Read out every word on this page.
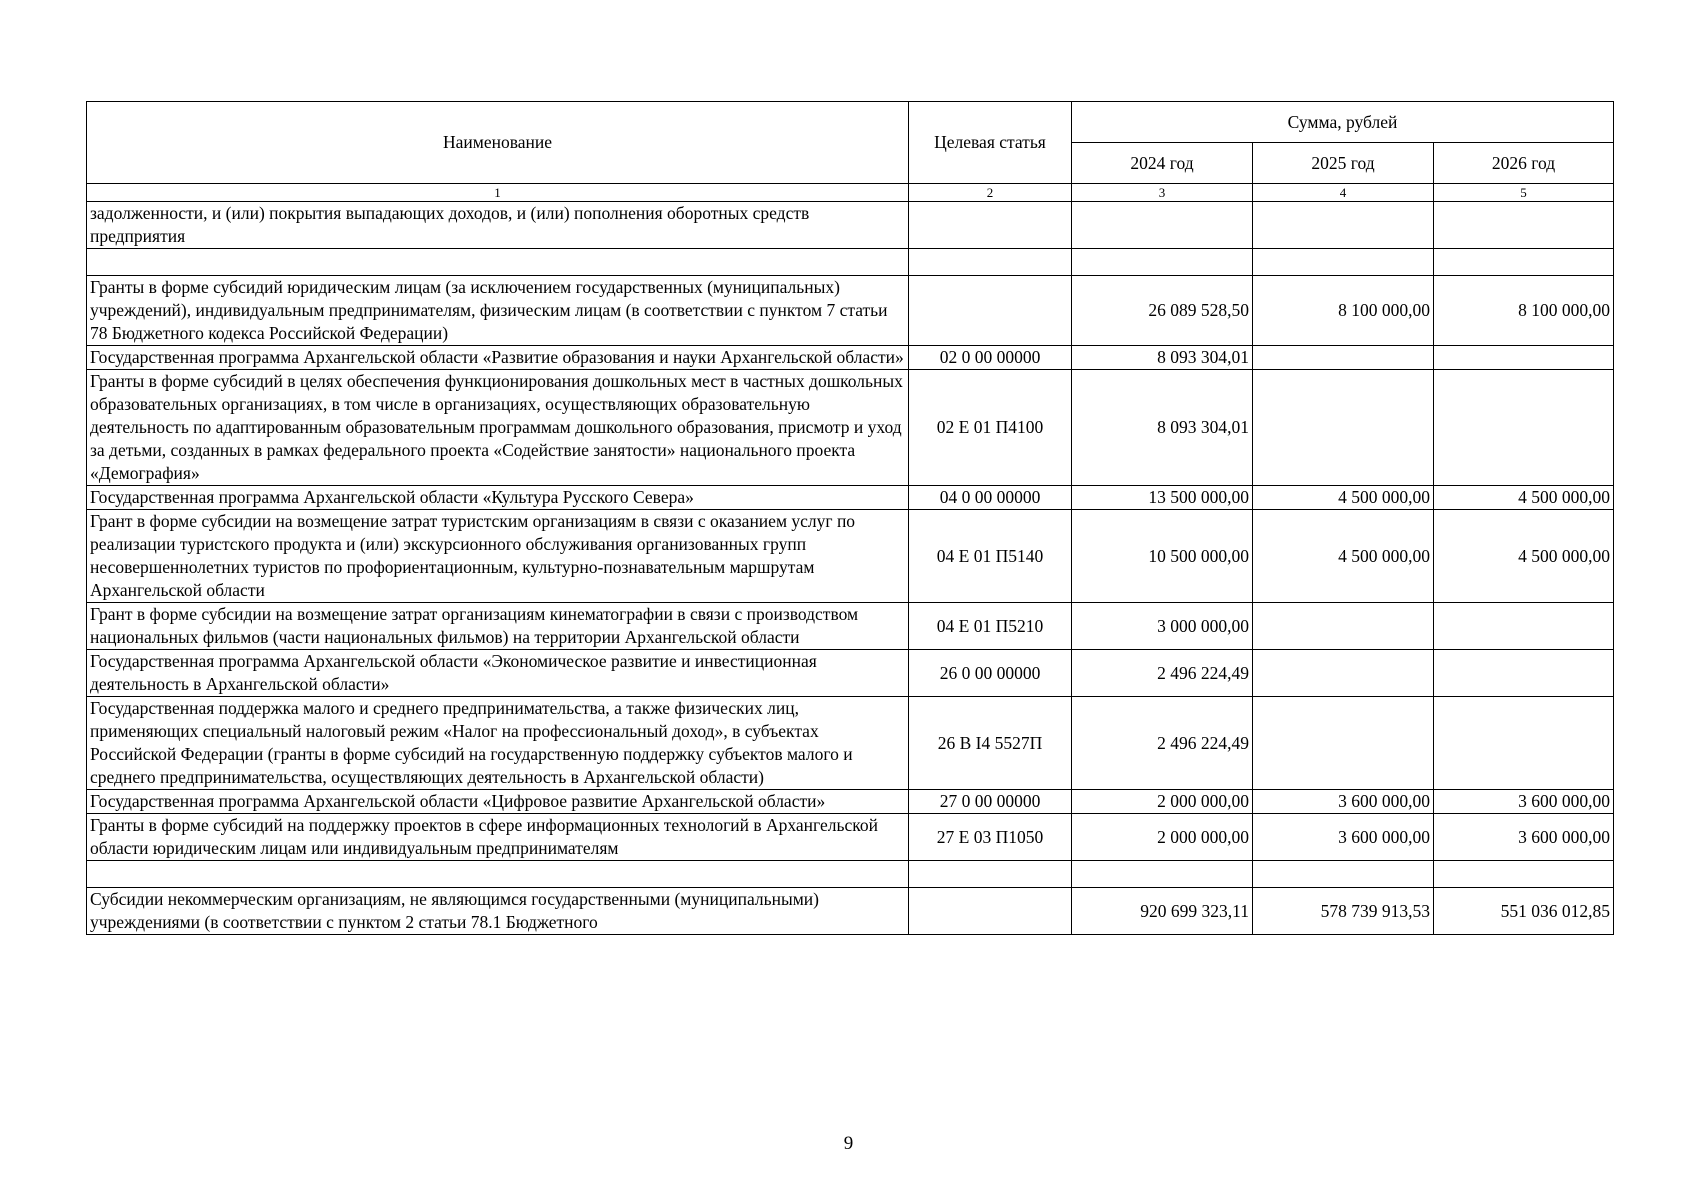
Наименование	Целевая статья	Сумма, рублей		
		2024 год	2025 год	2026 год
1	2	3	4	5
задолженности, и (или) покрытия выпадающих доходов, и (или) пополнения оборотных средств предприятия				

Гранты в форме субсидий юридическим лицам (за исключением государственных (муниципальных) учреждений), индивидуальным предпринимателям, физическим лицам (в соответствии с пунктом 7 статьи 78 Бюджетного кодекса Российской Федерации)		26 089 528,50	8 100 000,00	8 100 000,00
Государственная программа Архангельской области «Развитие образования и науки Архангельской области»	02 0 00 00000	8 093 304,01		
Гранты в форме субсидий в целях обеспечения функционирования дошкольных мест в частных дошкольных образовательных организациях, в том числе в организациях, осуществляющих образовательную деятельность по адаптированным образовательным программам дошкольного образования, присмотр и уход за детьми, созданных в рамках федерального проекта «Содействие занятости» национального проекта «Демография»	02 Е 01 П4100	8 093 304,01		
Государственная программа Архангельской области «Культура Русского Севера»	04 0 00 00000	13 500 000,00	4 500 000,00	4 500 000,00
Грант в форме субсидии на возмещение затрат туристским организациям в связи с оказанием услуг по реализации туристского продукта и (или) экскурсионного обслуживания организованных групп несовершеннолетних туристов по профориентационным, культурно-познавательным маршрутам Архангельской области	04 Е 01 П5140	10 500 000,00	4 500 000,00	4 500 000,00
Грант в форме субсидии на возмещение затрат организациям кинематографии в связи с производством национальных фильмов (части национальных фильмов) на территории Архангельской области	04 Е 01 П5210	3 000 000,00		
Государственная программа Архангельской области «Экономическое развитие и инвестиционная деятельность в Архангельской области»	26 0 00 00000	2 496 224,49		
Государственная поддержка малого и среднего предпринимательства, а также физических лиц, применяющих специальный налоговый режим «Налог на профессиональный доход», в субъектах Российской Федерации (гранты в форме субсидий на государственную поддержку субъектов малого и среднего предпринимательства, осуществляющих деятельность в Архангельской области)	26 В I4 5527П	2 496 224,49		
Государственная программа Архангельской области «Цифровое развитие Архангельской области»	27 0 00 00000	2 000 000,00	3 600 000,00	3 600 000,00
Гранты в форме субсидий на поддержку проектов в сфере информационных технологий в Архангельской области юридическим лицам или индивидуальным предпринимателям	27 Е 03 П1050	2 000 000,00	3 600 000,00	3 600 000,00

Субсидии некоммерческим организациям, не являющимся государственными (муниципальными) учреждениями (в соответствии с пунктом 2 статьи 78.1 Бюджетного		920 699 323,11	578 739 913,53	551 036 012,85
9
